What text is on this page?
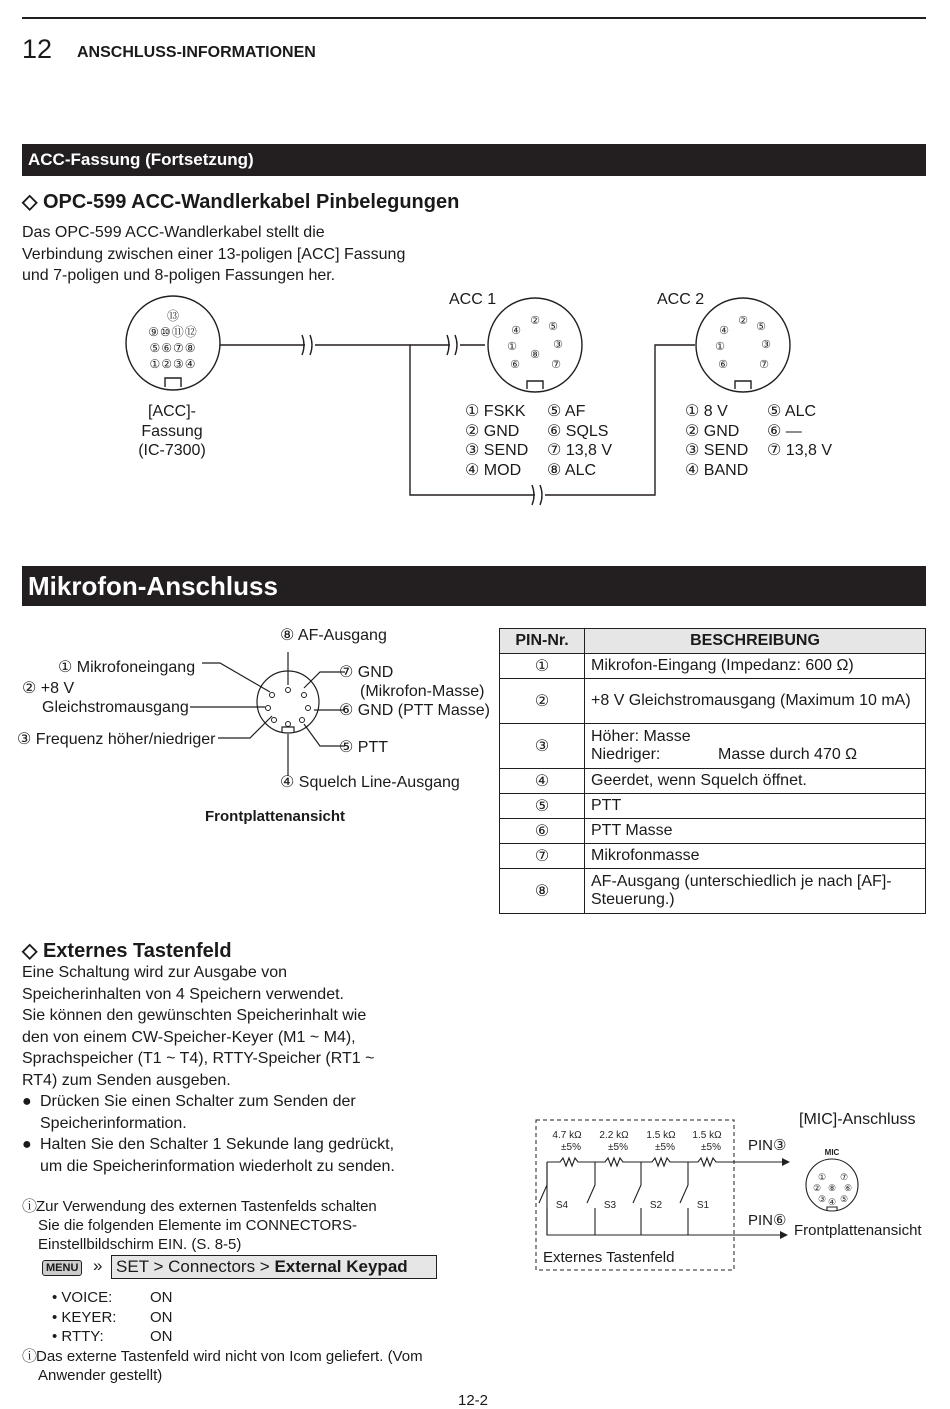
12 ANSCHLUSS-INFORMATIONEN
ACC-Fassung (Fortsetzung)
◇ OPC-599 ACC-Wandlerkabel Pinbelegungen
Das OPC-599 ACC-Wandlerkabel stellt die
Verbindung zwischen einer 13-poligen [ACC] Fassung
und 7-poligen und 8-poligen Fassungen her.
⑬
⑨⑩⑪⑫
⑤⑥⑦⑧
①②③④
②
④ ⑤
①	③
⑧
⑥	⑦
②
④ ⑤
①	③
⑥	⑦
ACC 1	ACC 2
[ACC]-
Fassung
(IC-7300)
① FSKK
② GND
③ SEND
④ MOD
⑤ AF
⑥ SQLS
⑦ 13,8 V
⑧ ALC
① 8 V
② GND
③ SEND
④ BAND
⑤ ALC
⑥ —
⑦ 13,8 V
Mikrofon-Anschluss
⑧ AF-Ausgang
① Mikrofoneingang
② +8 V
Gleichstromausgang
③ Frequenz höher/niedriger
⑦ GND
(Mikrofon-Masse)
⑥ GND (PTT Masse)
⑤ PTT
④ Squelch Line-Ausgang
Frontplattenansicht
PIN-Nr.	BESCHREIBUNG
①	Mikrofon-Eingang (Impedanz: 600 Ω)
②	+8 V Gleichstromausgang (Maximum 10 mA)
③	Höher: Masse
Niedriger: Masse durch 470 Ω

④	Geerdet, wenn Squelch öffnet.
⑤	PTT
⑥	PTT Masse
⑦	Mikrofonmasse
⑧	AF-Ausgang (unterschiedlich je nach [AF]-Steuerung.)
◇ Externes Tastenfeld
Eine Schaltung wird zur Ausgabe von
Speicherinhalten von 4 Speichern verwendet.
Sie können den gewünschten Speicherinhalt wie
den von einem CW-Speicher-Keyer (M1 ~ M4),
Sprachspeicher (T1 ~ T4), RTTY-Speicher (RT1 ~
RT4) zum Senden ausgeben.
● Drücken Sie einen Schalter zum Senden der
Speicherinformation.
● Halten Sie den Schalter 1 Sekunde lang gedrückt,
um die Speicherinformation wiederholt zu senden.
ⓘ
Zur Verwendung des externen Tastenfelds schalten
Sie die folgenden Elemente im CONNECTORS-
Einstellbildschirm EIN. (S. 8-5)
MENU » SET > Connectors > External Keypad
• VOICE:	ON
• KEYER: ON
• RTTY:	ON
ⓘ
Das externe Tastenfeld wird nicht von Icom geliefert. (Vom
Anwender gestellt)
4.7 kΩ
±5%
2.2 kΩ
±5%
1.5 kΩ
±5%
1.5 kΩ
±5%
S4	S3	S2	S1
MIC
① ⑦
② ⑧ ⑥
③ ④ ⑤
[MIC]-Anschluss
PIN③
PIN⑥
Externes Tastenfeld
Frontplattenansicht
12-2
